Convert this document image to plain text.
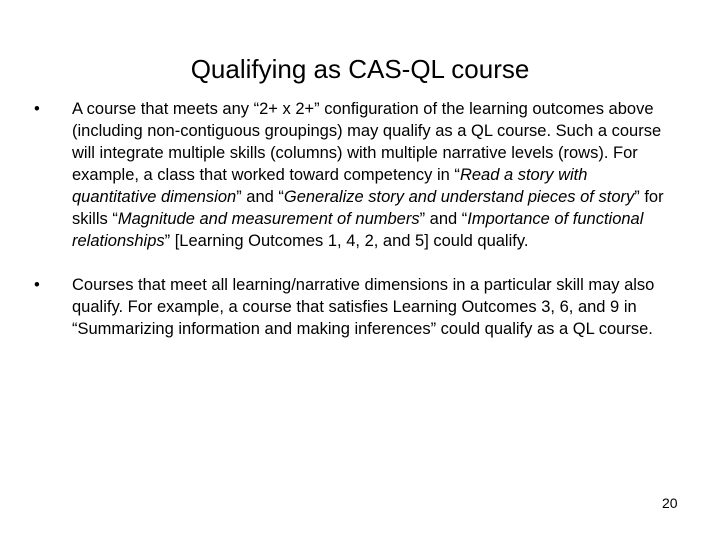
Qualifying as CAS-QL course
• A course that meets any “2+ x 2+” configuration of the learning outcomes above (including non-contiguous groupings) may qualify as a QL course. Such a course will integrate multiple skills (columns) with multiple narrative levels (rows). For example, a class that worked toward competency in “Read a story with quantitative dimension” and “Generalize story and understand pieces of story” for skills “Magnitude and measurement of numbers” and “Importance of functional relationships” [Learning Outcomes 1, 4, 2, and 5] could qualify.
• Courses that meet all learning/narrative dimensions in a particular skill may also qualify. For example, a course that satisfies Learning Outcomes 3, 6, and 9 in “Summarizing information and making inferences” could qualify as a QL course.
20
